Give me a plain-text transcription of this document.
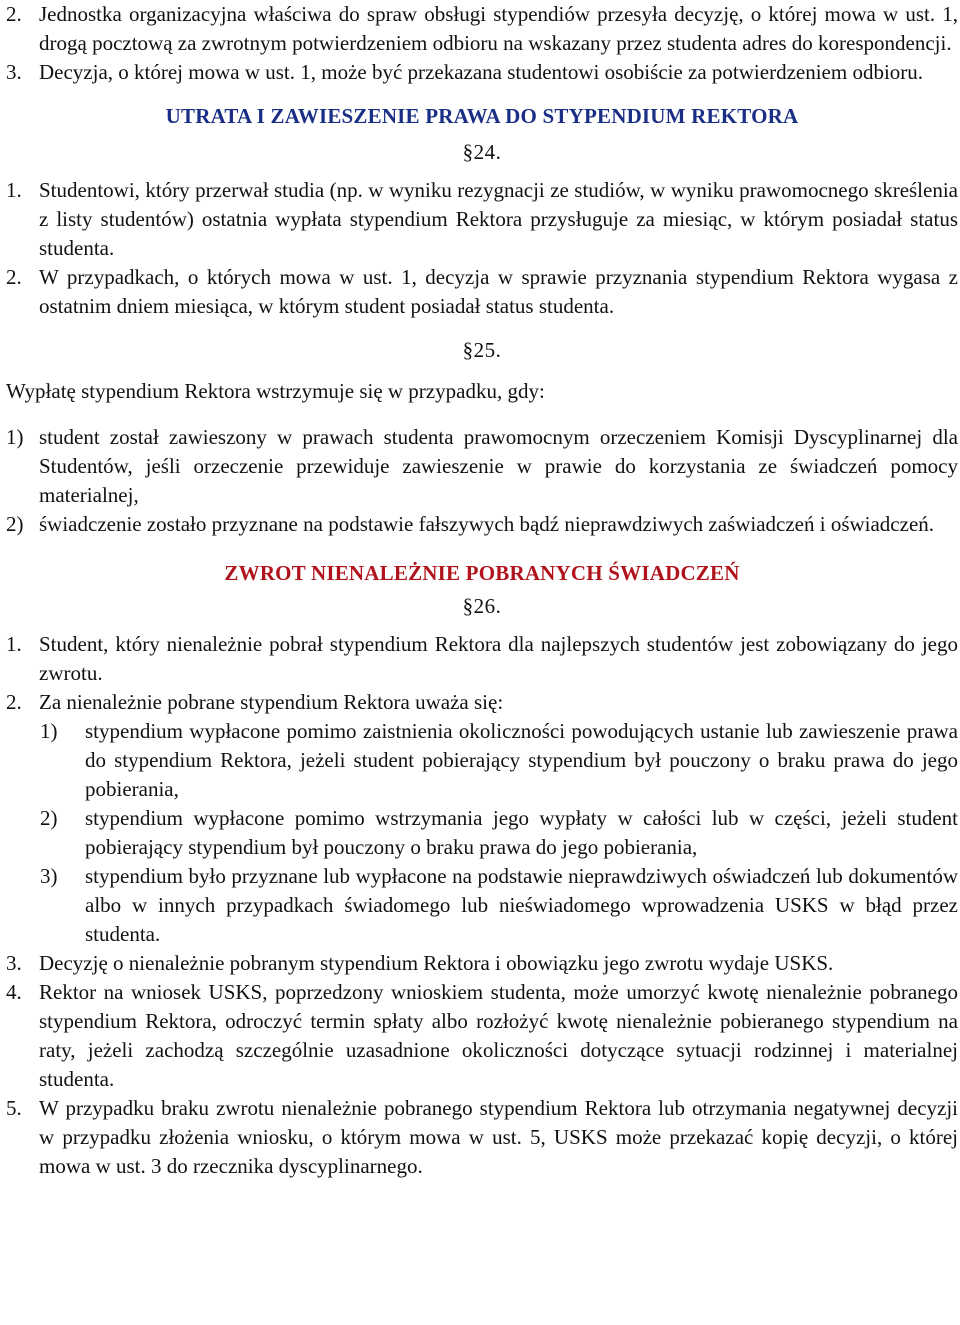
2. Jednostka organizacyjna właściwa do spraw obsługi stypendiów przesyła decyzję, o której mowa w ust. 1, drogą pocztową za zwrotnym potwierdzeniem odbioru na wskazany przez studenta adres do korespondencji.
3. Decyzja, o której mowa w ust. 1, może być przekazana studentowi osobiście za potwierdzeniem odbioru.
UTRATA I ZAWIESZENIE PRAWA DO STYPENDIUM REKTORA
§24.
1. Studentowi, który przerwał studia (np. w wyniku rezygnacji ze studiów, w wyniku prawomocnego skreślenia z listy studentów) ostatnia wypłata stypendium Rektora przysługuje za miesiąc, w którym posiadał status studenta.
2. W przypadkach, o których mowa w ust. 1, decyzja w sprawie przyznania stypendium Rektora wygasa z ostatnim dniem miesiąca, w którym student posiadał status studenta.
§25.
Wypłatę stypendium Rektora wstrzymuje się w przypadku, gdy:
1) student został zawieszony w prawach studenta prawomocnym orzeczeniem Komisji Dyscyplinarnej dla Studentów, jeśli orzeczenie przewiduje zawieszenie w prawie do korzystania ze świadczeń pomocy materialnej,
2) świadczenie zostało przyznane na podstawie fałszywych bądź nieprawdziwych zaświadczeń i oświadczeń.
ZWROT NIENALEŻNIE POBRANYCH ŚWIADCZEŃ
§26.
1. Student, który nienależnie pobrał stypendium Rektora dla najlepszych studentów jest zobowiązany do jego zwrotu.
2. Za nienależnie pobrane stypendium Rektora uważa się:
1)	stypendium wypłacone pomimo zaistnienia okoliczności powodujących ustanie lub zawieszenie prawa do stypendium Rektora, jeżeli student pobierający stypendium był pouczony o braku prawa do jego pobierania,
2)	stypendium wypłacone pomimo wstrzymania jego wypłaty w całości lub w części, jeżeli student pobierający stypendium był pouczony o braku prawa do jego pobierania,
3)	stypendium było przyznane lub wypłacone na podstawie nieprawdziwych oświadczeń lub dokumentów albo w innych przypadkach świadomego lub nieświadomego wprowadzenia USKS w błąd przez studenta.
3. Decyzję o nienależnie pobranym stypendium Rektora i obowiązku jego zwrotu wydaje USKS.
4. Rektor na wniosek USKS, poprzedzony wnioskiem studenta, może umorzyć kwotę nienależnie pobranego stypendium Rektora, odroczyć termin spłaty albo rozłożyć kwotę nienależnie pobieranego stypendium na raty, jeżeli zachodzą szczególnie uzasadnione okoliczności dotyczące sytuacji rodzinnej i materialnej studenta.
5. W przypadku braku zwrotu nienależnie pobranego stypendium Rektora lub otrzymania negatywnej decyzji w przypadku złożenia wniosku, o którym mowa w ust. 5, USKS może przekazać kopię decyzji, o której mowa w ust. 3 do rzecznika dyscyplinarnego.
